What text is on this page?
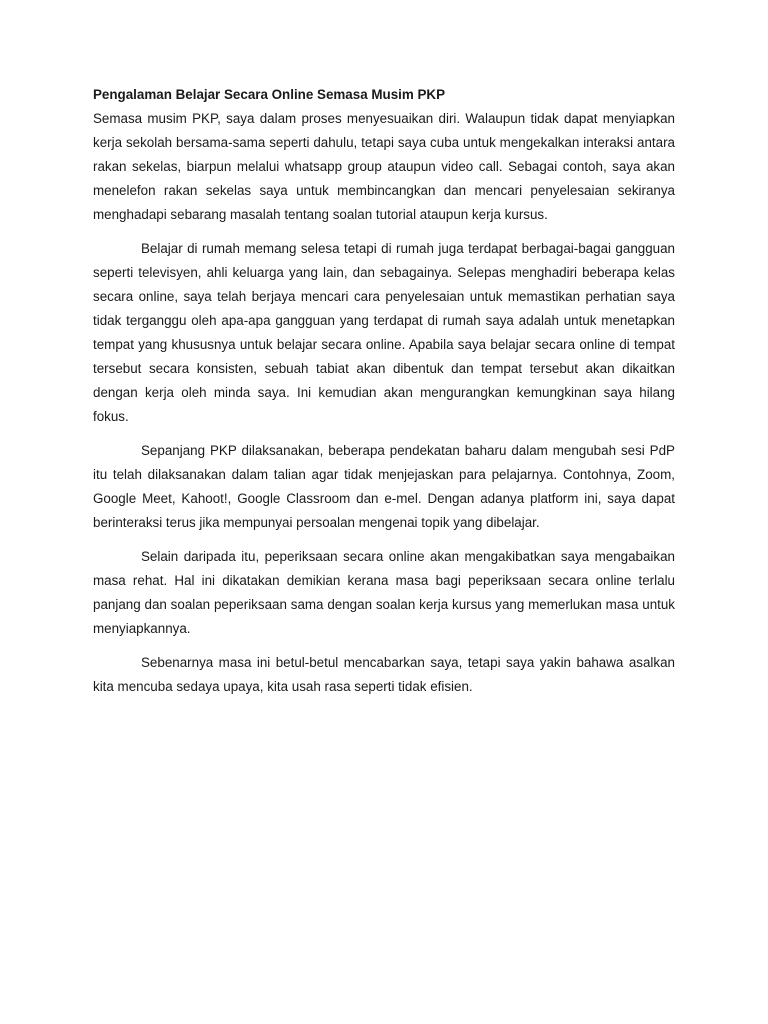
Pengalaman Belajar Secara Online Semasa Musim PKP

Semasa musim PKP, saya dalam proses menyesuaikan diri. Walaupun tidak dapat menyiapkan kerja sekolah bersama-sama seperti dahulu, tetapi saya cuba untuk mengekalkan interaksi antara rakan sekelas, biarpun melalui whatsapp group ataupun video call. Sebagai contoh, saya akan menelefon rakan sekelas saya untuk membincangkan dan mencari penyelesaian sekiranya menghadapi sebarang masalah tentang soalan tutorial ataupun kerja kursus.

Belajar di rumah memang selesa tetapi di rumah juga terdapat berbagai-bagai gangguan seperti televisyen, ahli keluarga yang lain, dan sebagainya. Selepas menghadiri beberapa kelas secara online, saya telah berjaya mencari cara penyelesaian untuk memastikan perhatian saya tidak terganggu oleh apa-apa gangguan yang terdapat di rumah saya adalah untuk menetapkan tempat yang khususnya untuk belajar secara online. Apabila saya belajar secara online di tempat tersebut secara konsisten, sebuah tabiat akan dibentuk dan tempat tersebut akan dikaitkan dengan kerja oleh minda saya. Ini kemudian akan mengurangkan kemungkinan saya hilang fokus.

Sepanjang PKP dilaksanakan, beberapa pendekatan baharu dalam mengubah sesi PdP itu telah dilaksanakan dalam talian agar tidak menjejaskan para pelajarnya. Contohnya, Zoom, Google Meet, Kahoot!, Google Classroom dan e-mel. Dengan adanya platform ini, saya dapat berinteraksi terus jika mempunyai persoalan mengenai topik yang dibelajar.

Selain daripada itu, peperiksaan secara online akan mengakibatkan saya mengabaikan masa rehat. Hal ini dikatakan demikian kerana masa bagi peperiksaan secara online terlalu panjang dan soalan peperiksaan sama dengan soalan kerja kursus yang memerlukan masa untuk menyiapkannya.

Sebenarnya masa ini betul-betul mencabarkan saya, tetapi saya yakin bahawa asalkan kita mencuba sedaya upaya, kita usah rasa seperti tidak efisien.
